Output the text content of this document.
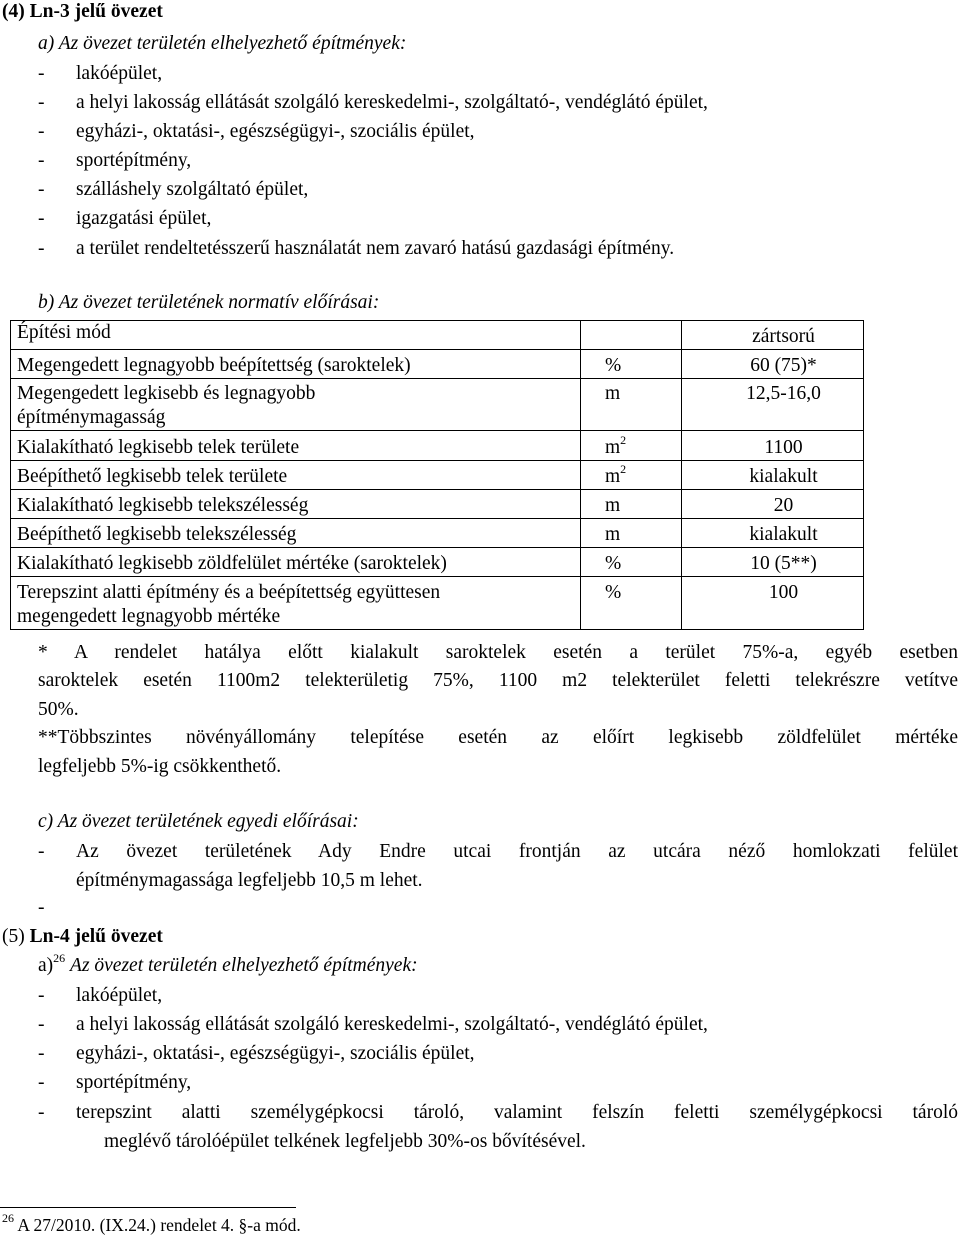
(4) Ln-3 jelű övezet
a) Az övezet területén elhelyezhető építmények:
- lakóépület,
- a helyi lakosság ellátását szolgáló kereskedelmi-, szolgáltató-, vendéglátó épület,
- egyházi-, oktatási-, egészségügyi-, szociális épület,
- sportépítmény,
- szálláshely szolgáltató épület,
- igazgatási épület,
- a terület rendeltetésszerű használatát nem zavaró hatású gazdasági építmény.
b) Az övezet területének normatív előírásai:
Építési mód		zártsorú
Megengedett legnagyobb beépítettség (saroktelek)	%	60 (75)*

Megengedett legkisebb és legnagyobb
építménymagasság	m	12,5-16,0
Kialakítható legkisebb telek területe	$m^2$	1100
Beépíthető legkisebb telek területe	$m^2$	kialakult
Kialakítható legkisebb telekszélesség	m	20
Beépíthető legkisebb telekszélesség	m	kialakult
Kialakítható legkisebb zöldfelület mértéke (saroktelek)	%	10 (5**)

Terepszint alatti építmény és a beépítettség együttesen
megengedett legnagyobb mértéke	%	100
* A rendelet hatálya előtt kialakult saroktelek esetén a terület 75%-a, egyéb esetben
saroktelek esetén 1100m2 telekterületig 75%, 1100 m2 telekterület feletti telekrészre vetítve
50%.
**Többszintes növényállomány telepítése esetén az előírt legkisebb zöldfelület mértéke
legfeljebb 5%-ig csökkenthető.
c) Az övezet területének egyedi előírásai:
- Az övezet területének Ady Endre utcai frontján az utcára néző homlokzati felület
építménymagassága legfeljebb 10,5 m lehet.
-
(5) Ln-4 jelű övezet
a)$^{26}$ Az övezet területén elhelyezhető építmények:
- lakóépület,
- a helyi lakosság ellátását szolgáló kereskedelmi-, szolgáltató-, vendéglátó épület,
- egyházi-, oktatási-, egészségügyi-, szociális épület,
- sportépítmény,
- terepszint alatti személygépkocsi tároló, valamint felszín feletti személygépkocsi tároló
meglévő tárolóépület telkének legfeljebb 30%-os bővítésével.
$^{26}$ A 27/2010. (IX.24.) rendelet 4. §-a mód.
